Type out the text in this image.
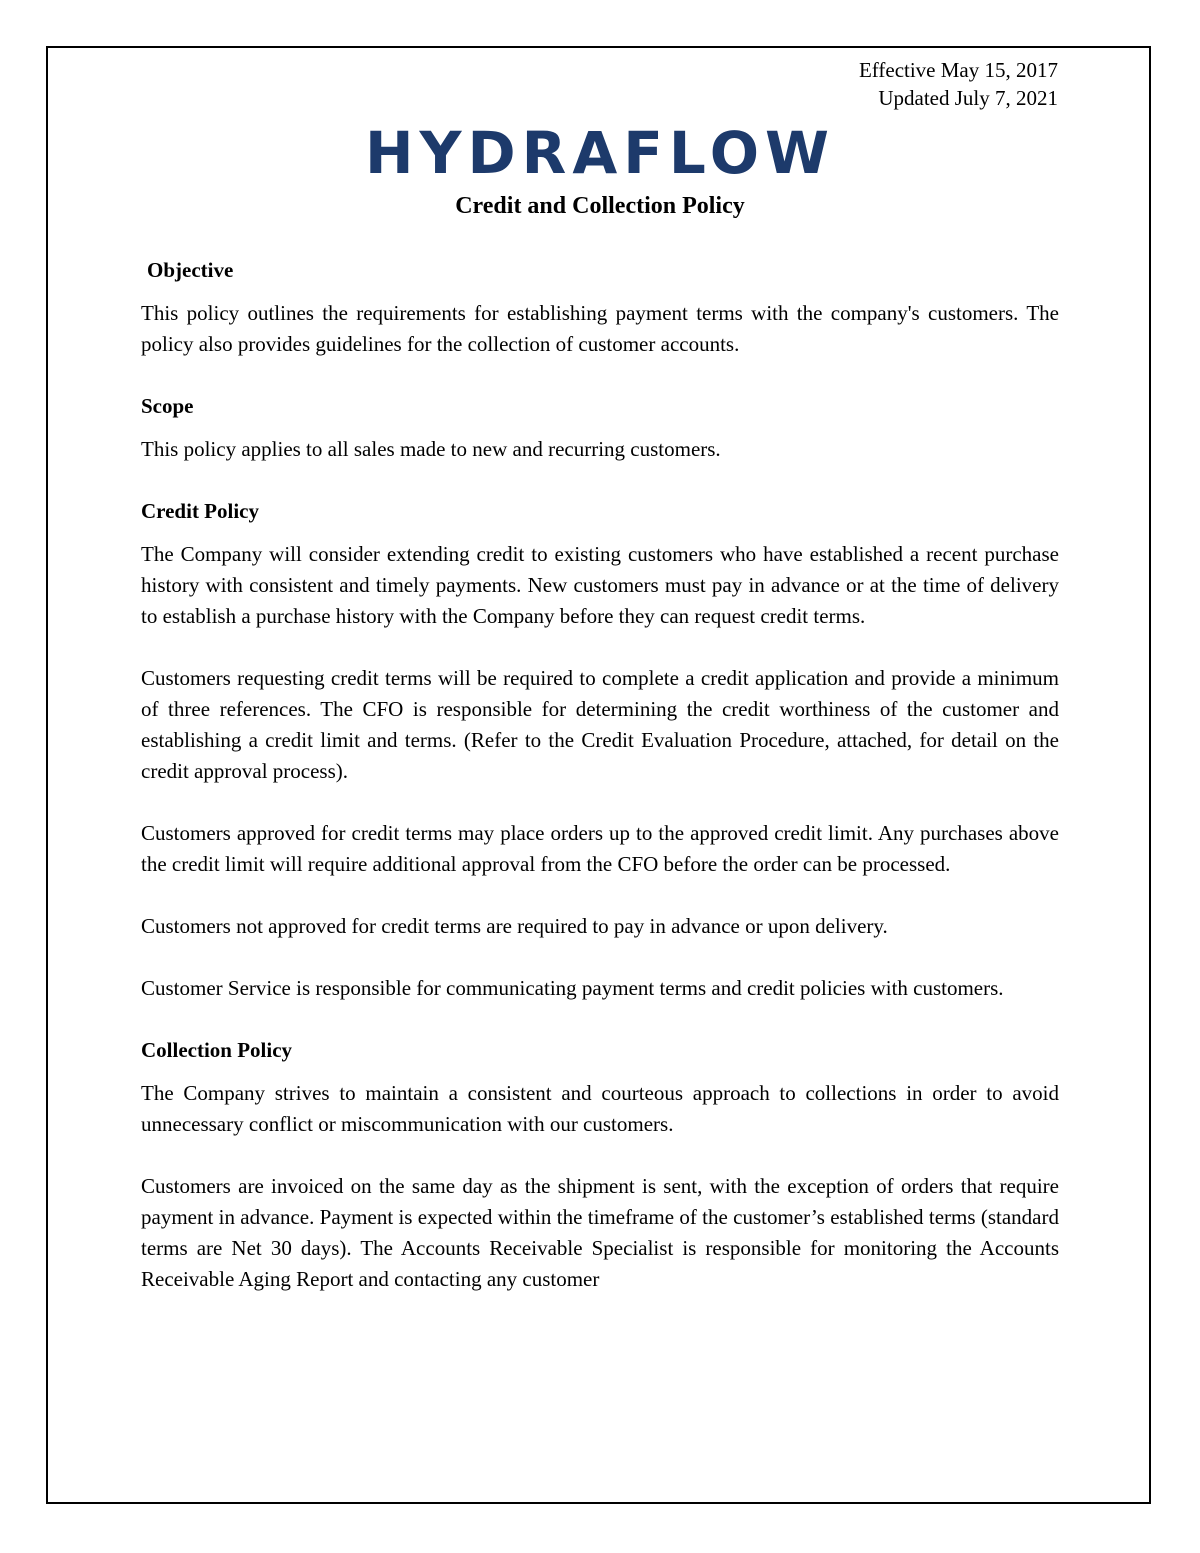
Effective May 15, 2017
Updated July 7, 2021
HYDRAFLOW
Credit and Collection Policy
Objective

This policy outlines the requirements for establishing payment terms with the company's customers. The policy also provides guidelines for the collection of customer accounts.

Scope

This policy applies to all sales made to new and recurring customers.

Credit Policy

The Company will consider extending credit to existing customers who have established a recent purchase history with consistent and timely payments. New customers must pay in advance or at the time of delivery to establish a purchase history with the Company before they can request credit terms.

Customers requesting credit terms will be required to complete a credit application and provide a minimum of three references. The CFO is responsible for determining the credit worthiness of the customer and establishing a credit limit and terms. (Refer to the Credit Evaluation Procedure, attached, for detail on the credit approval process).

Customers approved for credit terms may place orders up to the approved credit limit. Any purchases above the credit limit will require additional approval from the CFO before the order can be processed.

Customers not approved for credit terms are required to pay in advance or upon delivery.

Customer Service is responsible for communicating payment terms and credit policies with customers.

Collection Policy

The Company strives to maintain a consistent and courteous approach to collections in order to avoid unnecessary conflict or miscommunication with our customers.

Customers are invoiced on the same day as the shipment is sent, with the exception of orders that require payment in advance. Payment is expected within the timeframe of the customer’s established terms (standard terms are Net 30 days). The Accounts Receivable Specialist is responsible for monitoring the Accounts Receivable Aging Report and contacting any customer
